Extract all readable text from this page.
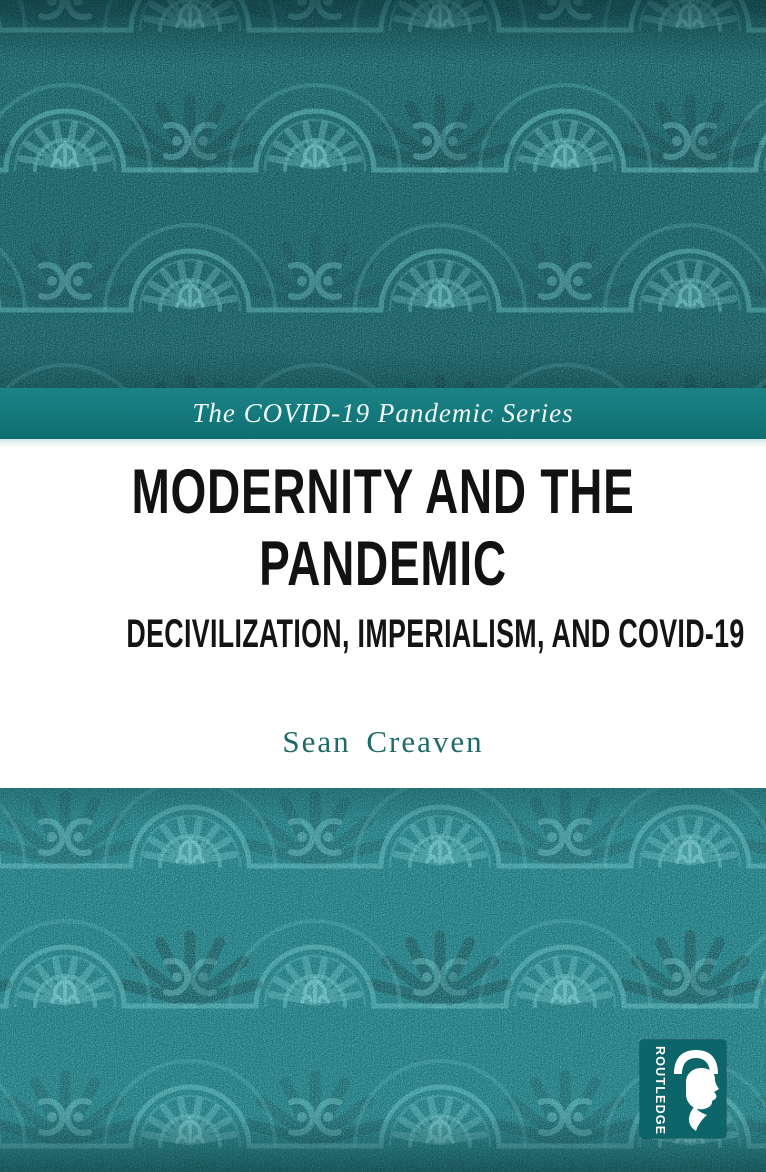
The COVID-19 Pandemic Series
MODERNITY AND THE
PANDEMIC
DECIVILIZATION, IMPERIALISM, AND COVID-19
Sean Creaven
ROUTLEDGE
